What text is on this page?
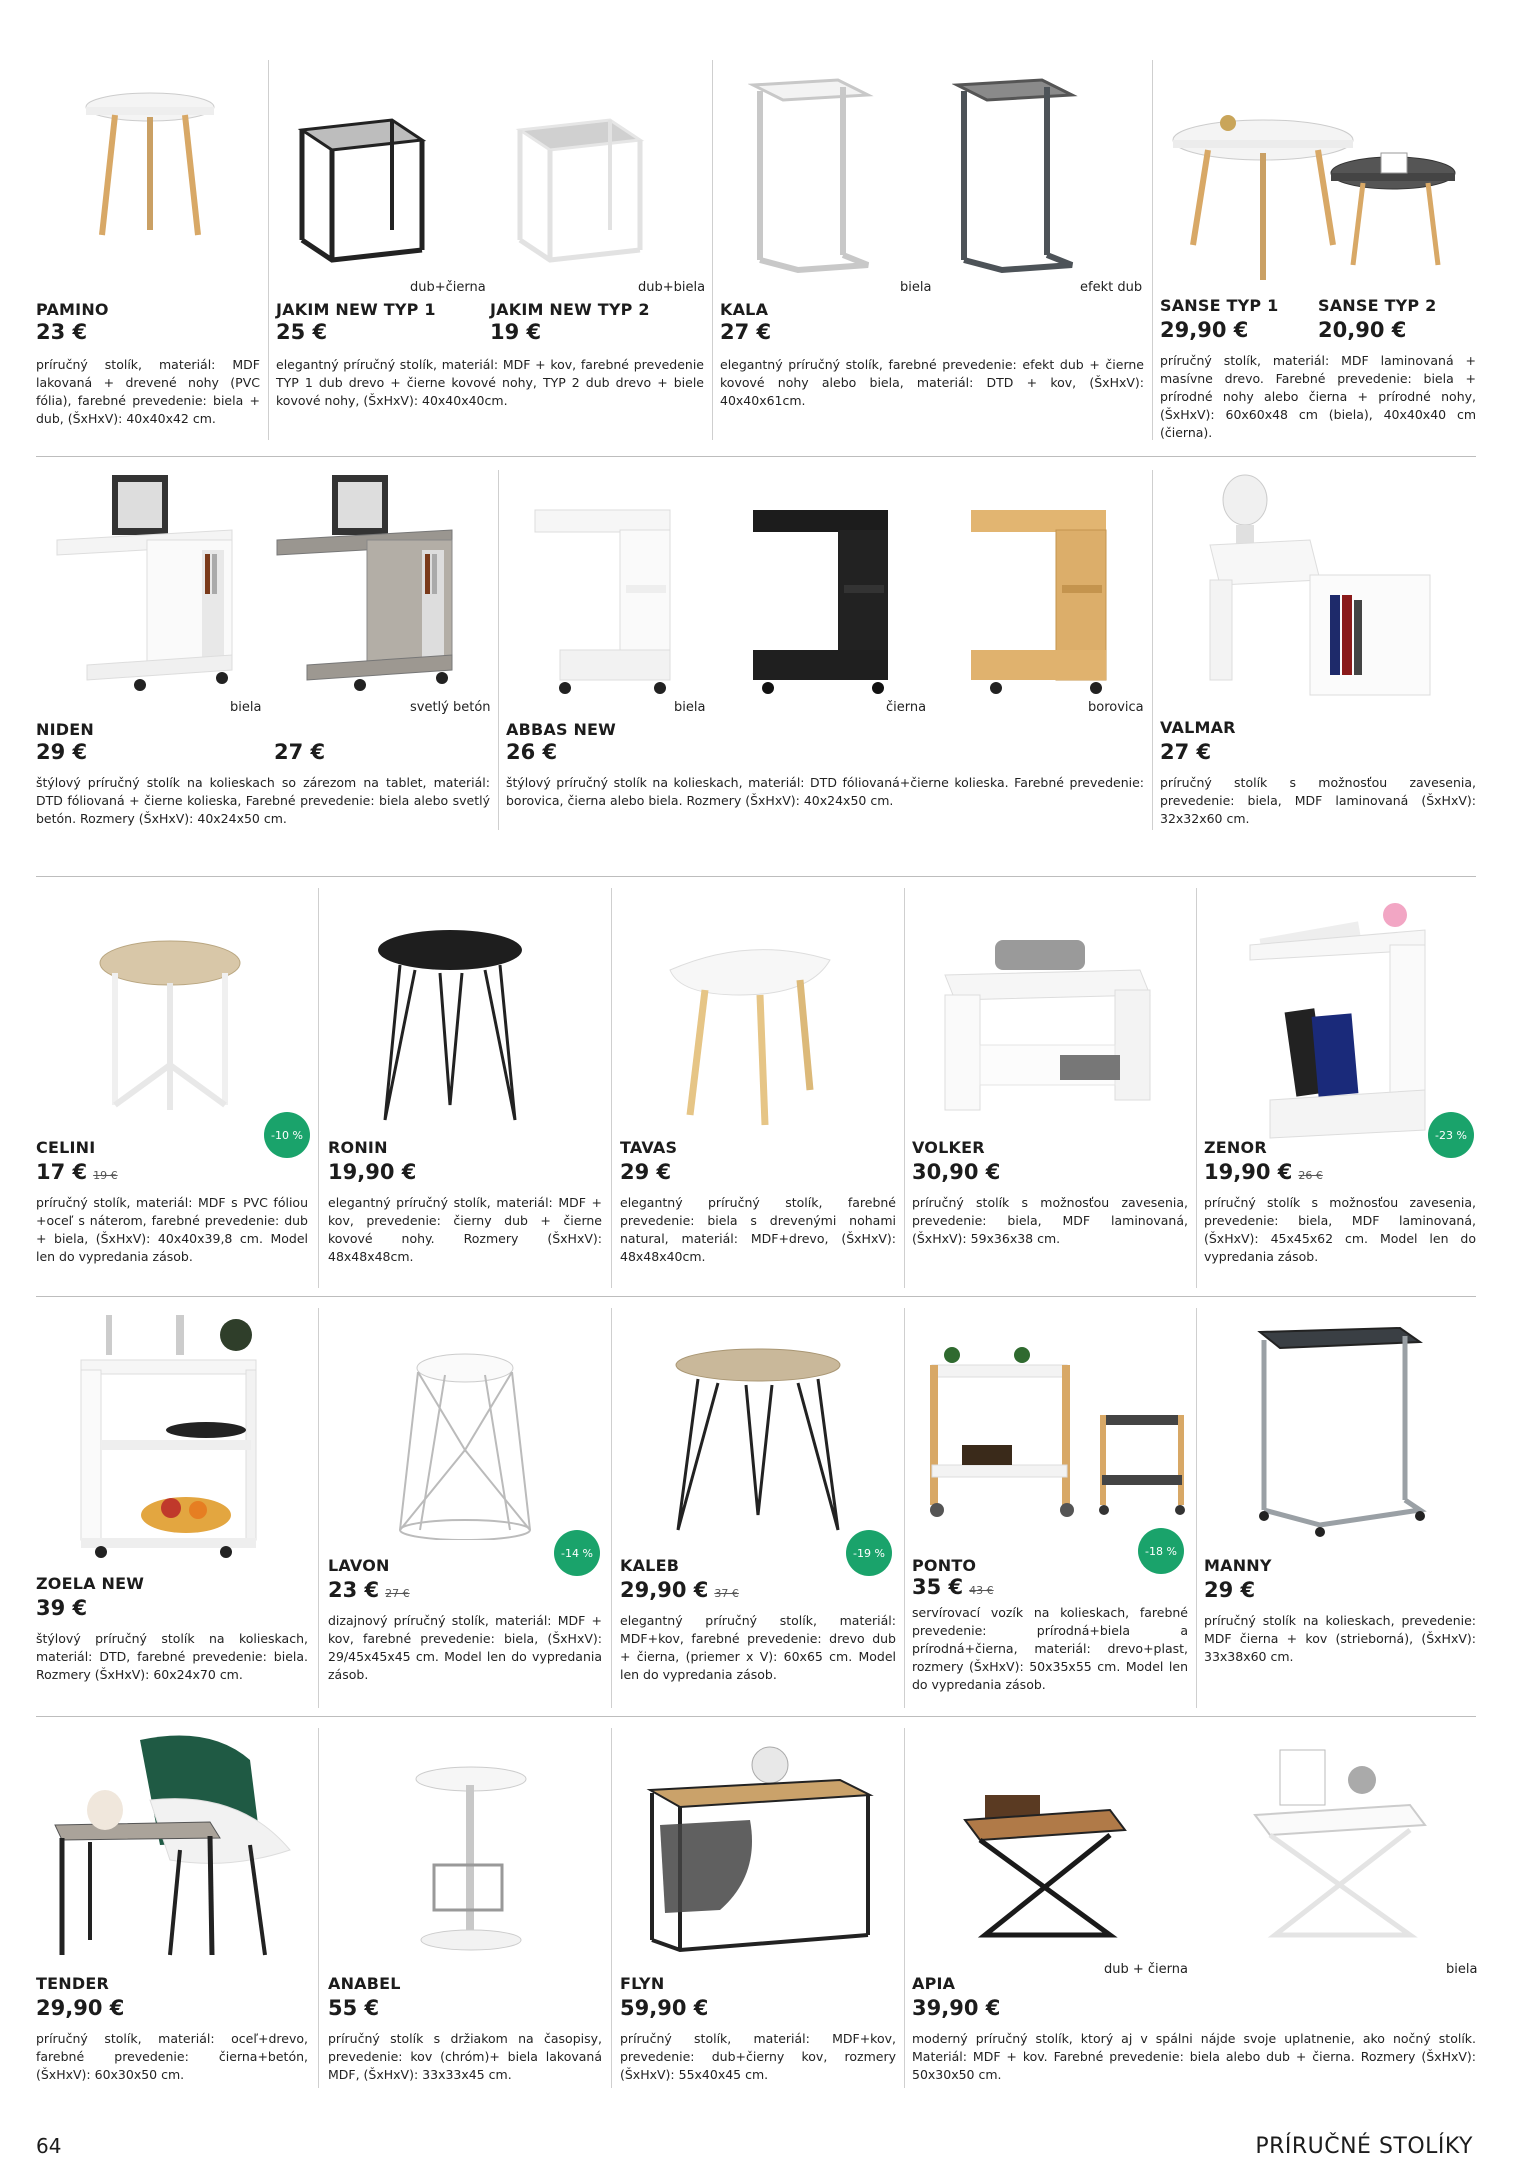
PAMINO
23 €
príručný stolík, materiál: MDF lakovaná + drevené nohy (PVC fólia), farebné prevedenie: biela + dub, (ŠxHxV): 40x40x42 cm.
dub+čierna	dub+biela
JAKIM NEW TYP 1	JAKIM NEW TYP 2
25 €	19 €
elegantný príručný stolík, materiál: MDF + kov, farebné prevedenie TYP 1 dub drevo + čierne kovové nohy, TYP 2 dub drevo + biele kovové nohy, (ŠxHxV): 40x40x40cm.
biela	efekt dub
KALA
27 €
elegantný príručný stolík, farebné prevedenie: efekt dub + čierne kovové nohy alebo biela, materiál: DTD + kov, (ŠxHxV): 40x40x61cm.
SANSE TYP 1 SANSE TYP 2
29,90 €	20,90 €
príručný stolík, materiál: MDF laminovaná + masívne drevo. Farebné prevedenie: biela + prírodné nohy alebo čierna + prírodné nohy, (ŠxHxV): 60x60x48 cm (biela), 40x40x40 cm (čierna).
biela	svetlý betón
NIDEN
29 €	27 €
štýlový príručný stolík na kolieskach so zárezom na tablet, materiál: DTD fóliovaná + čierne kolieska, Farebné prevedenie: biela alebo svetlý betón. Rozmery (ŠxHxV): 40x24x50 cm.
biela	čierna	borovica
ABBAS NEW
26 €
štýlový príručný stolík na kolieskach, materiál: DTD fóliovaná+čierne kolieska. Farebné prevedenie: borovica, čierna alebo biela. Rozmery (ŠxHxV): 40x24x50 cm.
VALMAR
27 €
príručný stolík s možnosťou zavesenia, prevedenie: biela, MDF laminovaná (ŠxHxV): 32x32x60 cm.
-10 %
CELINI
17 € 19 €
príručný stolík, materiál: MDF s PVC fóliou +oceľ s náterom, farebné prevedenie: dub + biela, (ŠxHxV): 40x40x39,8 cm. Model len do vypredania zásob.
RONIN
19,90 €
elegantný príručný stolík, materiál: MDF + kov, prevedenie: čierny dub + čierne kovové nohy. Rozmery (ŠxHxV): 48x48x48cm.
TAVAS
29 €
elegantný príručný stolík, farebné prevedenie: biela s drevenými nohami natural, materiál: MDF+drevo, (ŠxHxV): 48x48x40cm.
VOLKER
30,90 €
príručný stolík s možnosťou zavesenia, prevedenie: biela, MDF laminovaná, (ŠxHxV): 59x36x38 cm.
-23 %
ZENOR
19,90 € 26 €
príručný stolík s možnosťou zavesenia, prevedenie: biela, MDF laminovaná, (ŠxHxV): 45x45x62 cm. Model len do vypredania zásob.
ZOELA NEW
39 €
štýlový príručný stolík na kolieskach, materiál: DTD, farebné prevedenie: biela. Rozmery (ŠxHxV): 60x24x70 cm.
-14 %
LAVON
23 € 27 €
dizajnový príručný stolík, materiál: MDF + kov, farebné prevedenie: biela, (ŠxHxV): 29/45x45x45 cm. Model len do vypredania zásob.
-19 %
KALEB
29,90 € 37 €
elegantný príručný stolík, materiál: MDF+kov, farebné prevedenie: drevo dub + čierna, (priemer x V): 60x65 cm. Model len do vypredania zásob.
-18 %
PONTO
35 € 43 €
servírovací vozík na kolieskach, farebné prevedenie: prírodná+biela a prírodná+čierna, materiál: drevo+plast, rozmery (ŠxHxV): 50x35x55 cm. Model len do vypredania zásob.
MANNY
29 €
príručný stolík na kolieskach, prevedenie: MDF čierna + kov (strieborná), (ŠxHxV): 33x38x60 cm.
TENDER
29,90 €
príručný stolík, materiál: oceľ+drevo, farebné prevedenie: čierna+betón, (ŠxHxV): 60x30x50 cm.
ANABEL
55 €
príručný stolík s držiakom na časopisy, prevedenie: kov (chróm)+ biela lakovaná MDF, (ŠxHxV): 33x33x45 cm.
FLYN
59,90 €
príručný stolík, materiál: MDF+kov, prevedenie: dub+čierny kov, rozmery (ŠxHxV): 55x40x45 cm.
dub + čierna	biela
APIA
39,90 €
moderný príručný stolík, ktorý aj v spálni nájde svoje uplatnenie, ako nočný stolík. Materiál: MDF + kov. Farebné prevedenie: biela alebo dub + čierna. Rozmery (ŠxHxV): 50x30x50 cm.
64	PRÍRUČNÉ STOLÍKY
